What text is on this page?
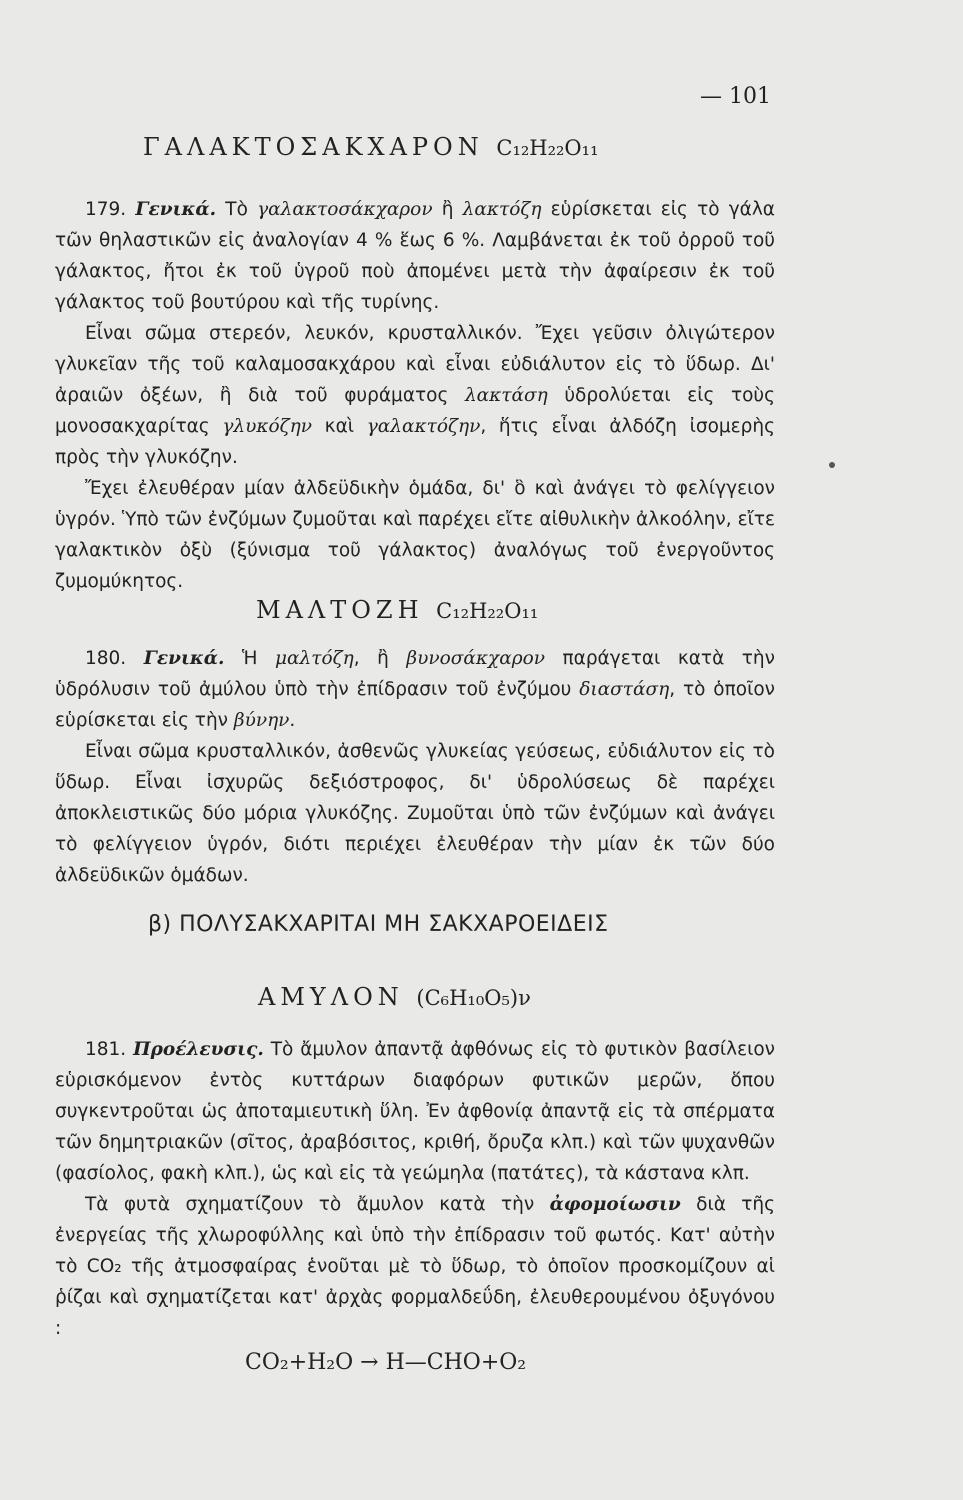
— 101
ΓΑΛΑΚΤΟΣΑΚΧΑΡΟΝ C₁₂H₂₂O₁₁

179. Γενικά. Τὸ γαλακτοσάκχαρον ἢ λακτόζη εὑρίσκεται εἰς τὸ γάλα τῶν θηλαστικῶν εἰς ἀναλογίαν 4 % ἕως 6 %. Λαμβάνεται ἐκ τοῦ ὀρροῦ τοῦ γάλακτος, ἤτοι ἐκ τοῦ ὑγροῦ ποὺ ἀπομένει μετὰ τὴν ἀφαίρεσιν ἐκ τοῦ γάλακτος τοῦ βουτύρου καὶ τῆς τυρίνης.

Εἶναι σῶμα στερεόν, λευκόν, κρυσταλλικόν. Ἔχει γεῦσιν ὀλιγώτερον γλυκεῖαν τῆς τοῦ καλαμοσακχάρου καὶ εἶναι εὐδιάλυτον εἰς τὸ ὕδωρ. Δι' ἀραιῶν ὀξέων, ἢ διὰ τοῦ φυράματος λακτάση ὑδρολύεται εἰς τοὺς μονοσακχαρίτας γλυκόζην καὶ γαλακτόζην, ἥτις εἶναι ἀλδόζη ἰσομερὴς πρὸς τὴν γλυκόζην.

Ἔχει ἐλευθέραν μίαν ἀλδεϋδικὴν ὁμάδα, δι' ὃ καὶ ἀνάγει τὸ φελίγγειον ὑγρόν. Ὑπὸ τῶν ἐνζύμων ζυμοῦται καὶ παρέχει εἴτε αἰθυλικὴν ἀλκοόλην, εἴτε γαλακτικὸν ὀξὺ (ξύνισμα τοῦ γάλακτος) ἀναλόγως τοῦ ἐνεργοῦντος ζυμομύκητος.

ΜΑΛΤΟΖΗ C₁₂H₂₂O₁₁

180. Γενικά. Ἡ μαλτόζη, ἢ βυνοσάκχαρον παράγεται κατὰ τὴν ὑδρόλυσιν τοῦ ἀμύλου ὑπὸ τὴν ἐπίδρασιν τοῦ ἐνζύμου διαστάση, τὸ ὁποῖον εὑρίσκεται εἰς τὴν βύνην.

Εἶναι σῶμα κρυσταλλικόν, ἀσθενῶς γλυκείας γεύσεως, εὐδιάλυτον εἰς τὸ ὕδωρ. Εἶναι ἰσχυρῶς δεξιόστροφος, δι' ὑδρολύσεως δὲ παρέχει ἀποκλειστικῶς δύο μόρια γλυκόζης. Ζυμοῦται ὑπὸ τῶν ἐνζύμων καὶ ἀνάγει τὸ φελίγγειον ὑγρόν, διότι περιέχει ἐλευθέραν τὴν μίαν ἐκ τῶν δύο ἀλδεϋδικῶν ὁμάδων.

β) ΠΟΛΥΣΑΚΧΑΡΙΤΑΙ ΜΗ ΣΑΚΧΑΡΟΕΙΔΕΙΣ
ΑΜΥΛΟΝ (C₆H₁₀O₅)ν

181. Προέλευσις. Τὸ ἄμυλον ἀπαντᾷ ἀφθόνως εἰς τὸ φυτικὸν βασίλειον εὑρισκόμενον ἐντὸς κυττάρων διαφόρων φυτικῶν μερῶν, ὅπου συγκεντροῦται ὡς ἀποταμιευτικὴ ὕλη. Ἐν ἀφθονίᾳ ἀπαντᾷ εἰς τὰ σπέρματα τῶν δημητριακῶν (σῖτος, ἀραβόσιτος, κριθή, ὄρυζα κλπ.) καὶ τῶν ψυχανθῶν (φασίολος, φακὴ κλπ.), ὡς καὶ εἰς τὰ γεώμηλα (πατάτες), τὰ κάστανα κλπ.

Τὰ φυτὰ σχηματίζουν τὸ ἄμυλον κατὰ τὴν ἀφομοίωσιν διὰ τῆς ἐνεργείας τῆς χλωροφύλλης καὶ ὑπὸ τὴν ἐπίδρασιν τοῦ φωτός. Κατ' αὐτὴν τὸ CO₂ τῆς ἀτμοσφαίρας ἑνοῦται μὲ τὸ ὕδωρ, τὸ ὁποῖον προσκομίζουν αἱ ῥίζαι καὶ σχηματίζεται κατ' ἀρχὰς φορμαλδεΰδη, ἐλευθερουμένου ὀξυγόνου :

CO₂+H₂O → H—CHO+O₂
